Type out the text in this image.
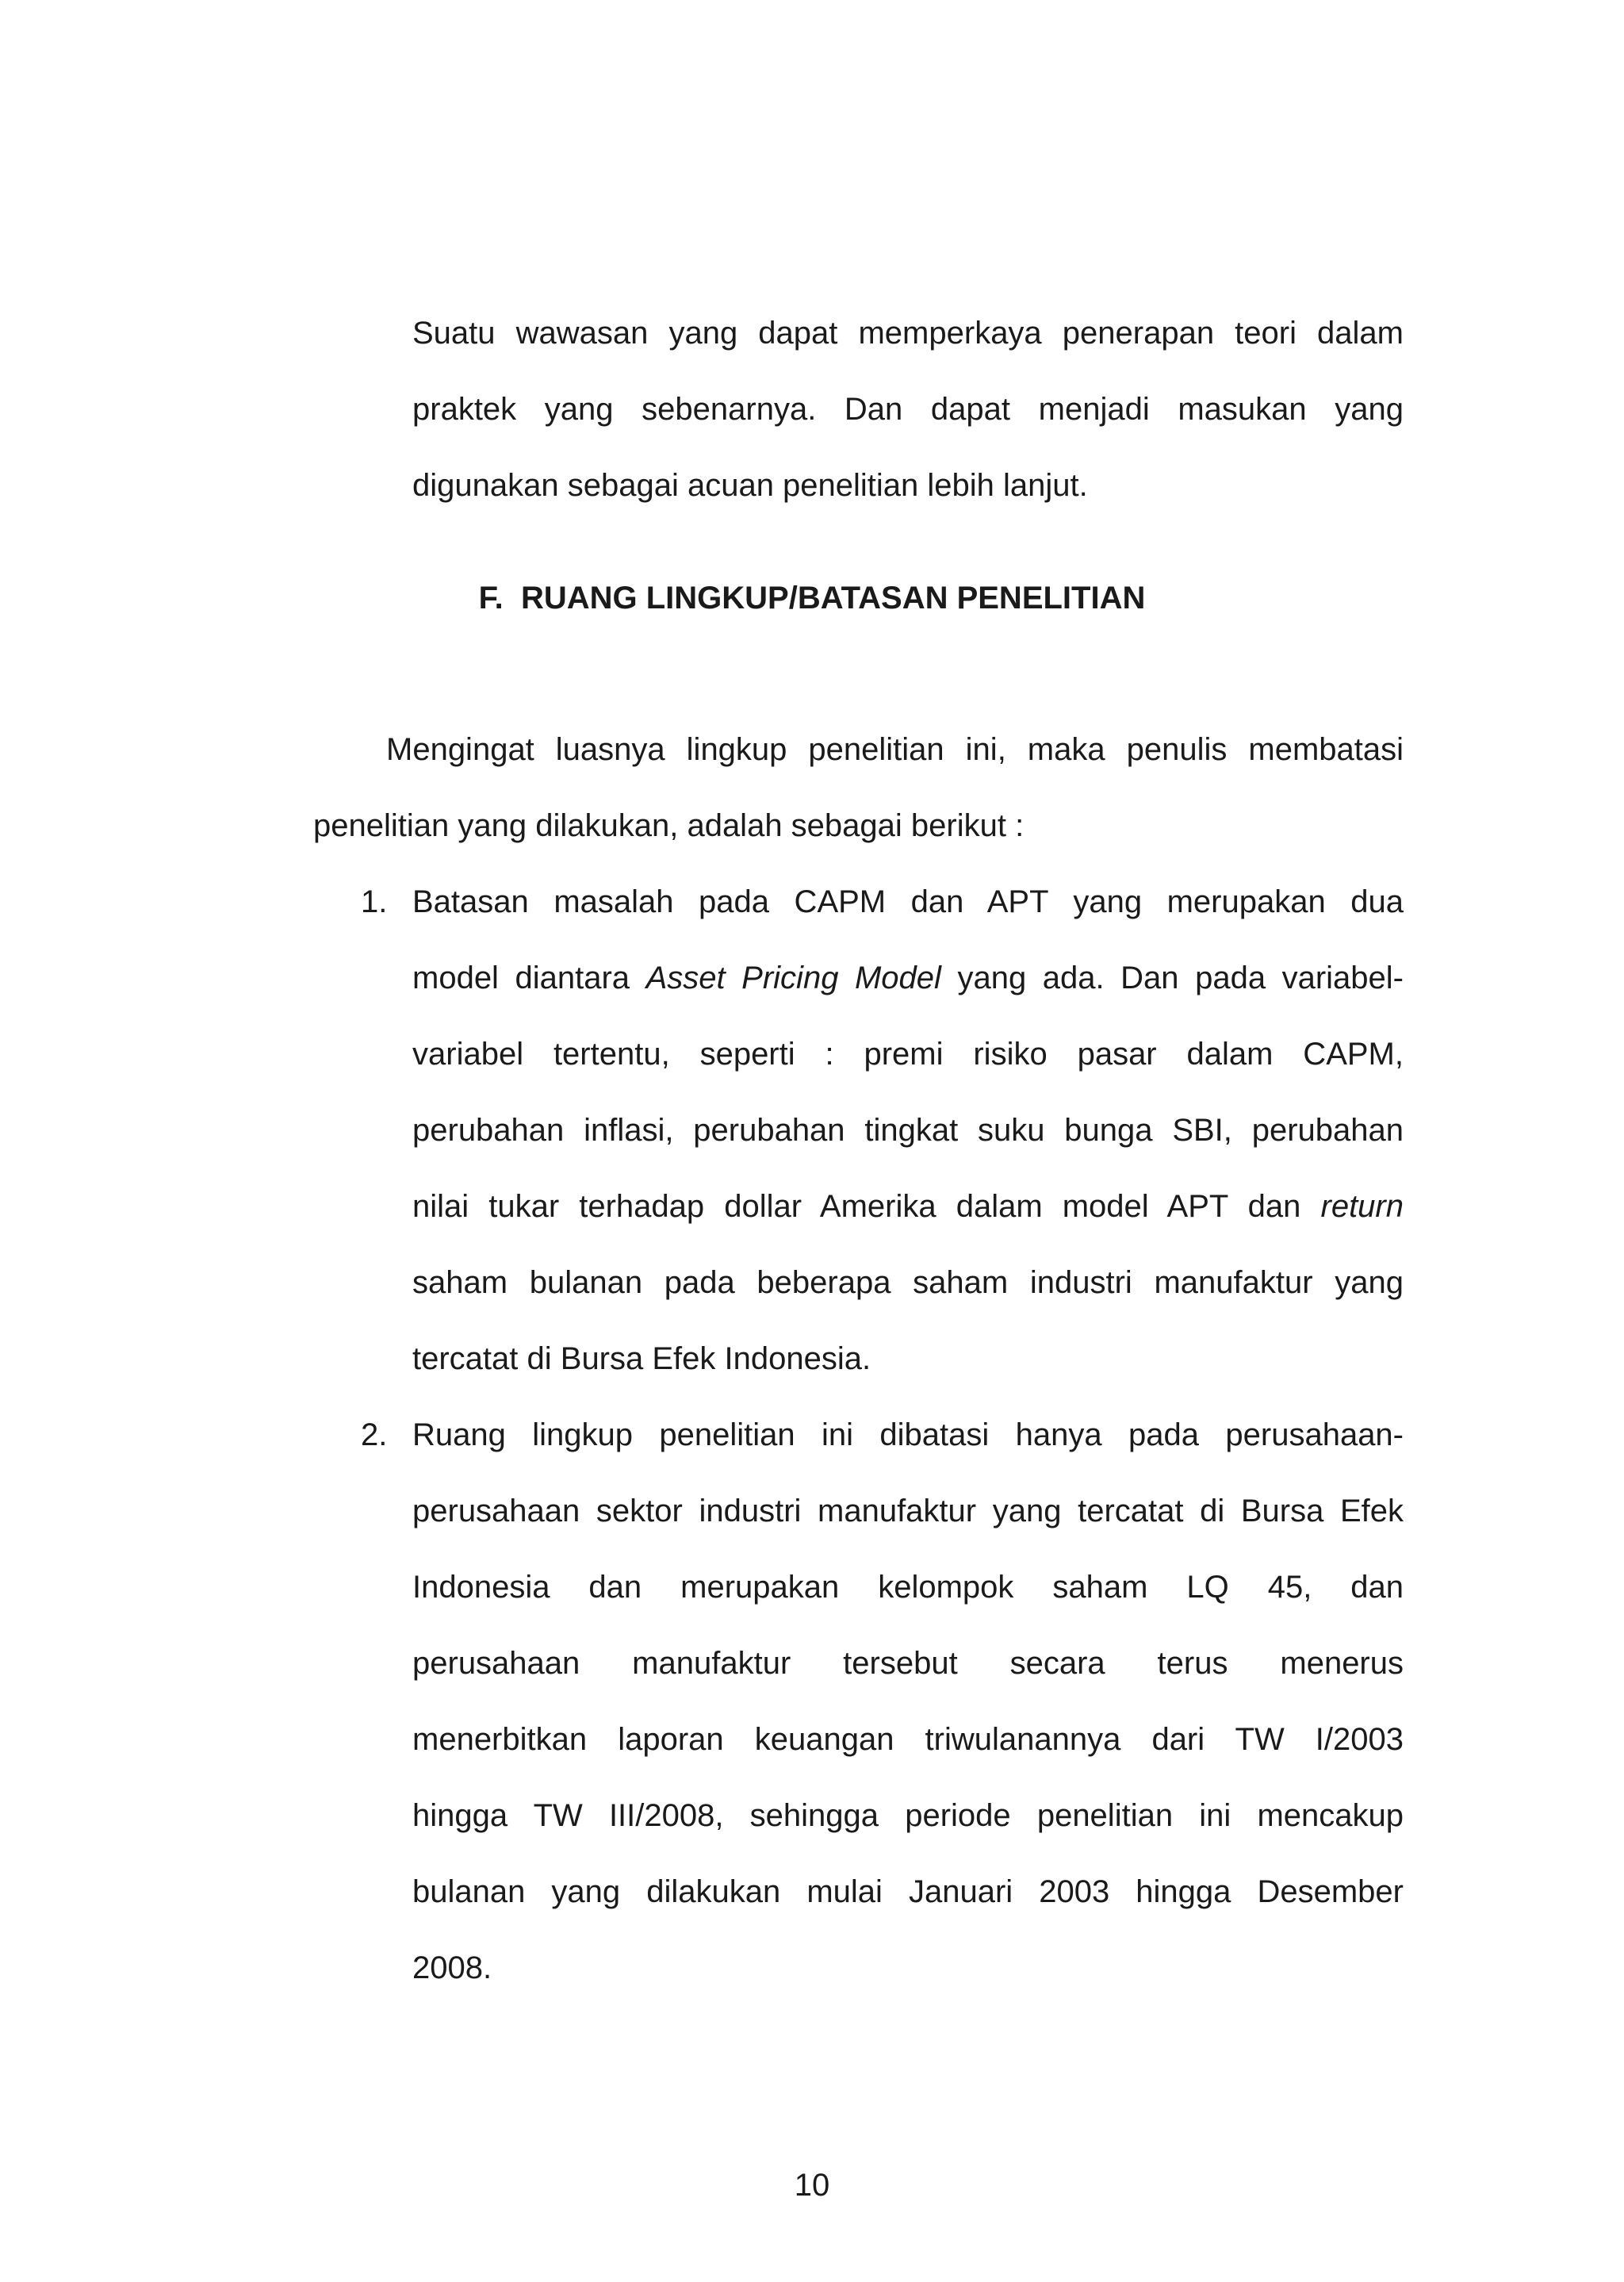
Suatu wawasan yang dapat memperkaya penerapan teori dalam
praktek yang sebenarnya. Dan dapat menjadi masukan yang
digunakan sebagai acuan penelitian lebih lanjut.
F.  RUANG LINGKUP/BATASAN PENELITIAN
Mengingat luasnya lingkup penelitian ini, maka penulis membatasi
penelitian yang dilakukan, adalah sebagai berikut :
1. Batasan masalah pada CAPM dan APT yang merupakan dua
model diantara Asset Pricing Model yang ada. Dan pada variabel-
variabel tertentu, seperti : premi risiko pasar dalam CAPM,
perubahan inflasi, perubahan tingkat suku bunga SBI, perubahan
nilai tukar terhadap dollar Amerika dalam model APT dan return
saham bulanan pada beberapa saham industri manufaktur yang
tercatat di Bursa Efek Indonesia.
2. Ruang lingkup penelitian ini dibatasi hanya pada perusahaan-
perusahaan sektor industri manufaktur yang tercatat di Bursa Efek
Indonesia dan merupakan kelompok saham LQ 45, dan
perusahaan manufaktur tersebut secara terus menerus
menerbitkan laporan keuangan triwulanannya dari TW I/2003
hingga TW III/2008, sehingga periode penelitian ini mencakup
bulanan yang dilakukan mulai Januari 2003 hingga Desember
2008.
10
